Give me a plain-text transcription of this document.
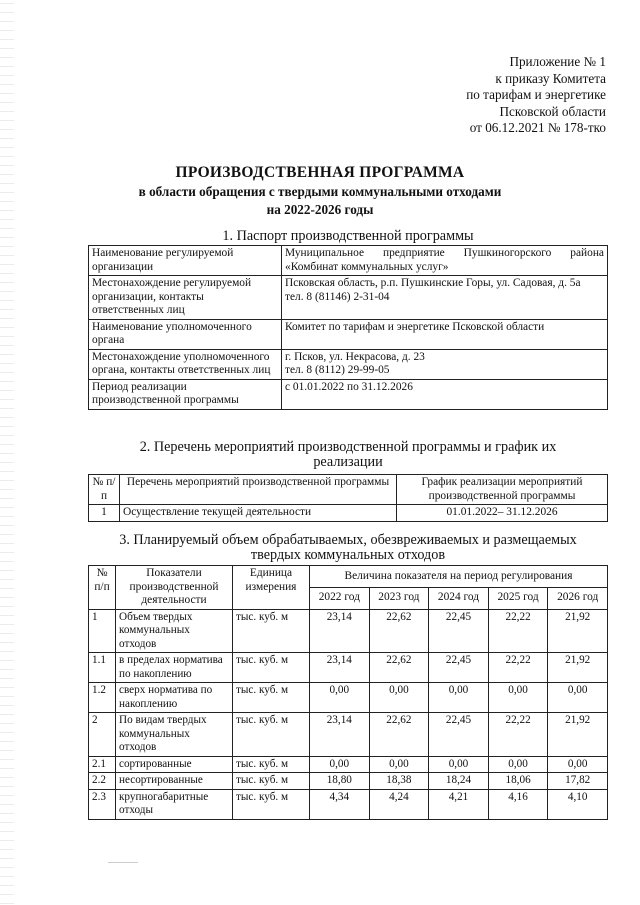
Приложение № 1
к приказу Комитета
по тарифам и энергетике
Псковской области
от 06.12.2021 № 178-тко
ПРОИЗВОДСТВЕННАЯ ПРОГРАММА
в области обращения с твердыми коммунальными отходами
на 2022-2026 годы
1. Паспорт производственной программы
Наименование регулируемой организации	Муниципальное предприятие Пушкиногорского района «Комбинат коммунальных услуг»

Местонахождение регулируемой организации, контакты ответственных лиц	Псковская область, р.п. Пушкинские Горы, ул. Садовая, д. 5а
тел. 8 (81146) 2-31-04

Наименование уполномоченного органа	Комитет по тарифам и энергетике Псковской области

Местонахождение уполномоченного органа, контакты ответственных лиц	г. Псков, ул. Некрасова, д. 23
тел. 8 (8112) 29-99-05

Период реализации производственной программы	с 01.01.2022 по 31.12.2026
2. Перечень мероприятий производственной программы и график их
реализации
№ п/п	Перечень мероприятий производственной программы	График реализации мероприятий производственной программы
1	Осуществление текущей деятельности	01.01.2022– 31.12.2026
3. Планируемый объем обрабатываемых, обезвреживаемых и размещаемых
твердых коммунальных отходов
№ п/п	Показатели производственной деятельности	Единица измерения	Величина показателя на период регулирования				
			2022 год	2023 год	2024 год	2025 год	2026 год
1	Объем твердых коммунальных отходов	тыс. куб. м	23,14	22,62	22,45	22,22	21,92
1.1	в пределах норматива по накоплению	тыс. куб. м	23,14	22,62	22,45	22,22	21,92
1.2	сверх норматива по накоплению	тыс. куб. м	0,00	0,00	0,00	0,00	0,00
2	По видам твердых коммунальных отходов	тыс. куб. м	23,14	22,62	22,45	22,22	21,92
2.1	сортированные	тыс. куб. м	0,00	0,00	0,00	0,00	0,00
2.2	несортированные	тыс. куб. м	18,80	18,38	18,24	18,06	17,82
2.3	крупногабаритные отходы	тыс. куб. м	4,34	4,24	4,21	4,16	4,10
